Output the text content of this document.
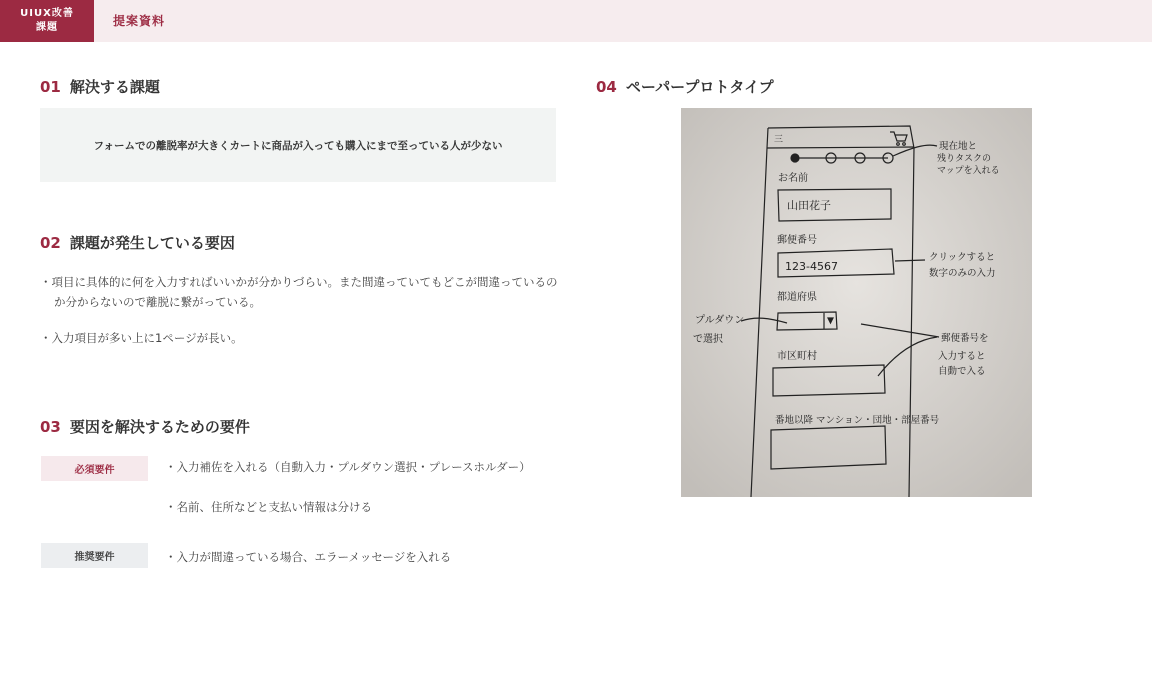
UIUX改善
課題	提案資料
01 解決する課題
フォームでの離脱率が大きくカートに商品が入っても購入にまで至っている人が少ない
02 課題が発生している要因
・項目に具体的に何を入力すればいいかが分かりづらい。また間違っていてもどこが間違っているのか分からないので離脱に繋がっている。
・入力項目が多い上に1ページが長い。
03 要因を解決するための要件
必須要件	・入力補佐を入れる（自動入力・プルダウン選択・プレースホルダー）
・名前、住所などと支払い情報は分ける
推奨要件	・入力が間違っている場合、エラーメッセージを入れる
04 ペーパープロトタイプ
三
現在地と
残りタスクの
マップを入れる
お名前
山田花子
郵便番号
123-4567
クリックすると
数字のみの入力
都道府県
プルダウン
で選択
市区町村
郵便番号を
入力すると
自動で入る
番地以降 マンション・団地・部屋番号
